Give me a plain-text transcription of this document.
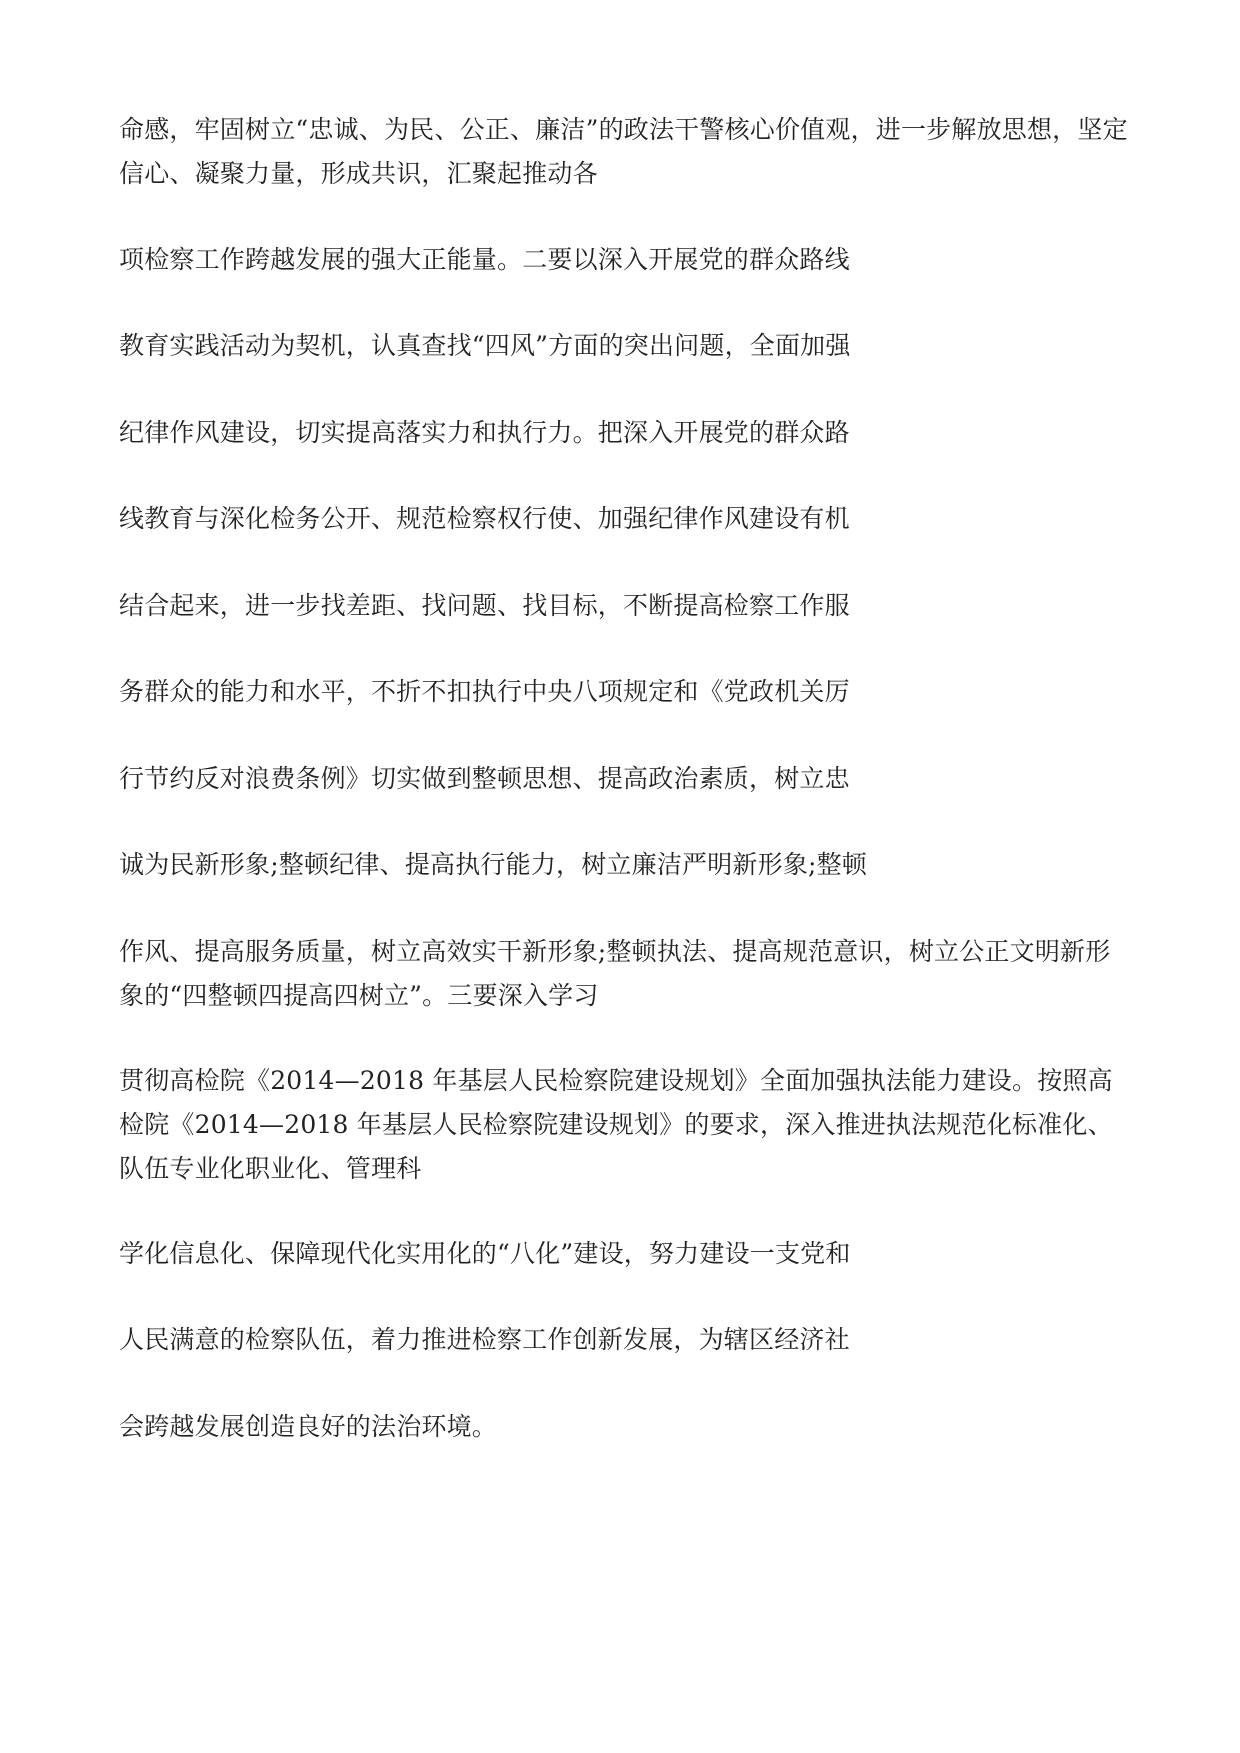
命感，牢固树立“忠诚、为民、公正、廉洁”的政法干警核心价值观，进一步解放思想，坚定信心、凝聚力量，形成共识，汇聚起推动各

项检察工作跨越发展的强大正能量。二要以深入开展党的群众路线

教育实践活动为契机，认真查找“四风”方面的突出问题，全面加强

纪律作风建设，切实提高落实力和执行力。把深入开展党的群众路

线教育与深化检务公开、规范检察权行使、加强纪律作风建设有机

结合起来，进一步找差距、找问题、找目标，不断提高检察工作服

务群众的能力和水平，不折不扣执行中央八项规定和《党政机关厉

行节约反对浪费条例》切实做到整顿思想、提高政治素质，树立忠

诚为民新形象;整顿纪律、提高执行能力，树立廉洁严明新形象;整顿

作风、提高服务质量，树立高效实干新形象;整顿执法、提高规范意识，树立公正文明新形象的“四整顿四提高四树立”。三要深入学习

贯彻高检院《2014—2018 年基层人民检察院建设规划》全面加强执法能力建设。按照高检院《2014—2018 年基层人民检察院建设规划》的要求，深入推进执法规范化标准化、队伍专业化职业化、管理科

学化信息化、保障现代化实用化的“八化”建设，努力建设一支党和

人民满意的检察队伍，着力推进检察工作创新发展，为辖区经济社

会跨越发展创造良好的法治环境。
